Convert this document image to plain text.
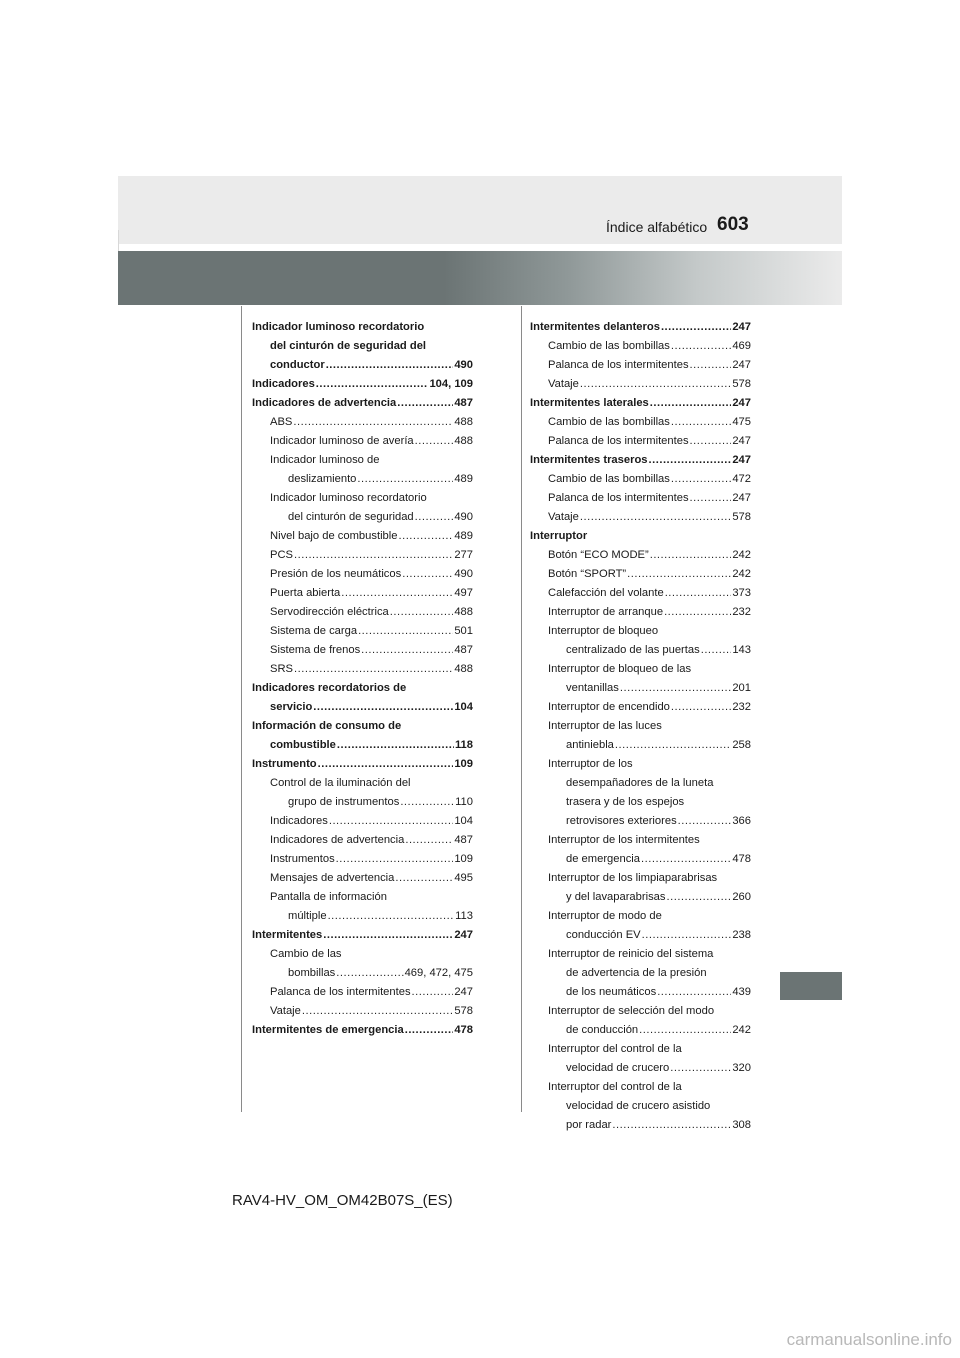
Índice alfabético 603
Indicador luminoso recordatorio
del cinturón de seguridad del
conductor .....	490
Indicadores .....	104, 109
Indicadores de advertencia .....	487
ABS .....	488
Indicador luminoso de avería .....	488
Indicador luminoso de
deslizamiento .....	489
Indicador luminoso recordatorio
del cinturón de seguridad .....	490
Nivel bajo de combustible .....	489
PCS .....	277
Presión de los neumáticos .....	490
Puerta abierta .....	497
Servodirección eléctrica .....	488
Sistema de carga .....	501
Sistema de frenos .....	487
SRS .....	488
Indicadores recordatorios de
servicio .....	104
Información de consumo de
combustible .....	118
Instrumento .....	109
Control de la iluminación del
grupo de instrumentos .....	110
Indicadores .....	104
Indicadores de advertencia .....	487
Instrumentos .....	109
Mensajes de advertencia .....	495
Pantalla de información
múltiple .....	113
Intermitentes .....	247
Cambio de las
bombillas .....	469, 472, 475
Palanca de los intermitentes .....	247
Vataje .....	578
Intermitentes de emergencia .....	478
Intermitentes delanteros .....	247
Cambio de las bombillas .....	469
Palanca de los intermitentes .....	247
Vataje .....	578
Intermitentes laterales .....	247
Cambio de las bombillas .....	475
Palanca de los intermitentes .....	247
Intermitentes traseros .....	247
Cambio de las bombillas .....	472
Palanca de los intermitentes .....	247
Vataje .....	578
Interruptor
Botón “ECO MODE” .....	242
Botón “SPORT” .....	242
Calefacción del volante .....	373
Interruptor de arranque .....	232
Interruptor de bloqueo
centralizado de las puertas .....	143
Interruptor de bloqueo de las
ventanillas .....	201
Interruptor de encendido .....	232
Interruptor de las luces
antiniebla .....	258
Interruptor de los
desempañadores de la luneta
trasera y de los espejos
retrovisores exteriores .....	366
Interruptor de los intermitentes
de emergencia .....	478
Interruptor de los limpiaparabrisas
y del lavaparabrisas .....	260
Interruptor de modo de
conducción EV .....	238
Interruptor de reinicio del sistema
de advertencia de la presión
de los neumáticos .....	439
Interruptor de selección del modo
de conducción .....	242
Interruptor del control de la
velocidad de crucero .....	320
Interruptor del control de la
velocidad de crucero asistido
por radar .....	308
RAV4-HV_OM_OM42B07S_(ES)
carmanualsonline.info
